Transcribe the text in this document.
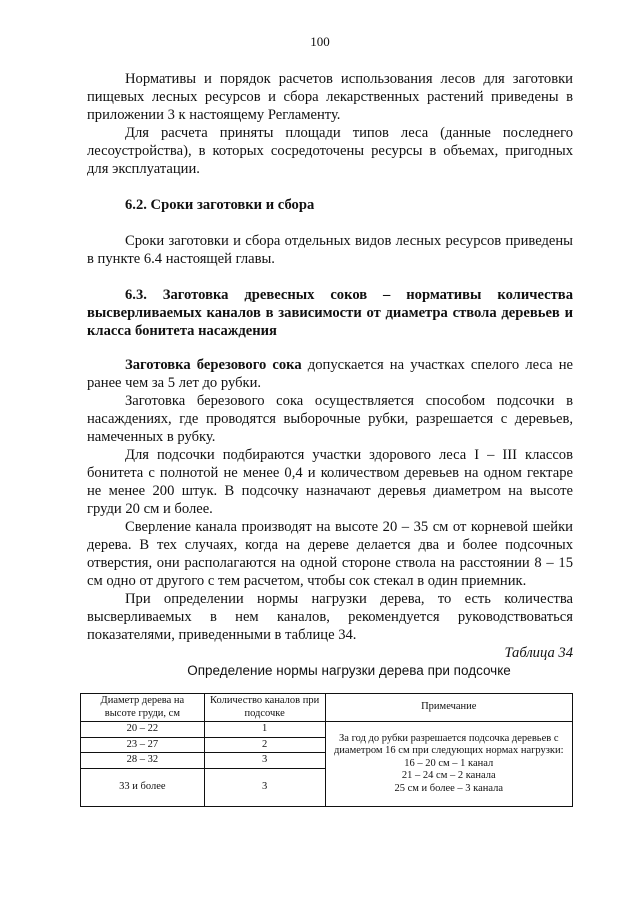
100

Нормативы и порядок расчетов использования лесов для заготовки пищевых лесных ресурсов и сбора лекарственных растений приведены в приложении 3 к настоящему Регламенту.

Для расчета приняты площади типов леса (данные последнего лесоустройства), в которых сосредоточены ресурсы в объемах, пригодных для эксплуатации.

6.2. Сроки заготовки и сбора

Сроки заготовки и сбора отдельных видов лесных ресурсов приведены в пункте 6.4 настоящей главы.

6.3. Заготовка древесных соков – нормативы количества высверливаемых каналов в зависимости от диаметра ствола деревьев и класса бонитета насаждения

Заготовка березового сока допускается на участках спелого леса не ранее чем за 5 лет до рубки.

Заготовка березового сока осуществляется способом подсочки в насаждениях, где проводятся выборочные рубки, разрешается с деревьев, намеченных в рубку.

Для подсочки подбираются участки здорового леса I – III классов бонитета с полнотой не менее 0,4 и количеством деревьев на одном гектаре не менее 200 штук. В подсочку назначают деревья диаметром на высоте груди 20 см и более.

Сверление канала производят на высоте 20 – 35 см от корневой шейки дерева. В тех случаях, когда на дереве делается два и более подсочных отверстия, они располагаются на одной стороне ствола на расстоянии 8 – 15 см одно от другого с тем расчетом, чтобы сок стекал в один приемник.

При определении нормы нагрузки дерева, то есть количества высверливаемых в нем каналов, рекомендуется руководствоваться показателями, приведенными в таблице 34.

Таблица 34

Определение нормы нагрузки дерева при подсочке

Диаметр дерева на высоте груди, см	Количество каналов при подсочке	Примечание
20 – 22	1	За год до рубки разрешается подсочка деревьев с диаметром 16 см при следующих нормах нагрузки:
16 – 20 см – 1 канал
21 – 24 см – 2 канала
25 см и более – 3 канала

23 – 27	2	
28 – 32	3	
33 и более	3	
